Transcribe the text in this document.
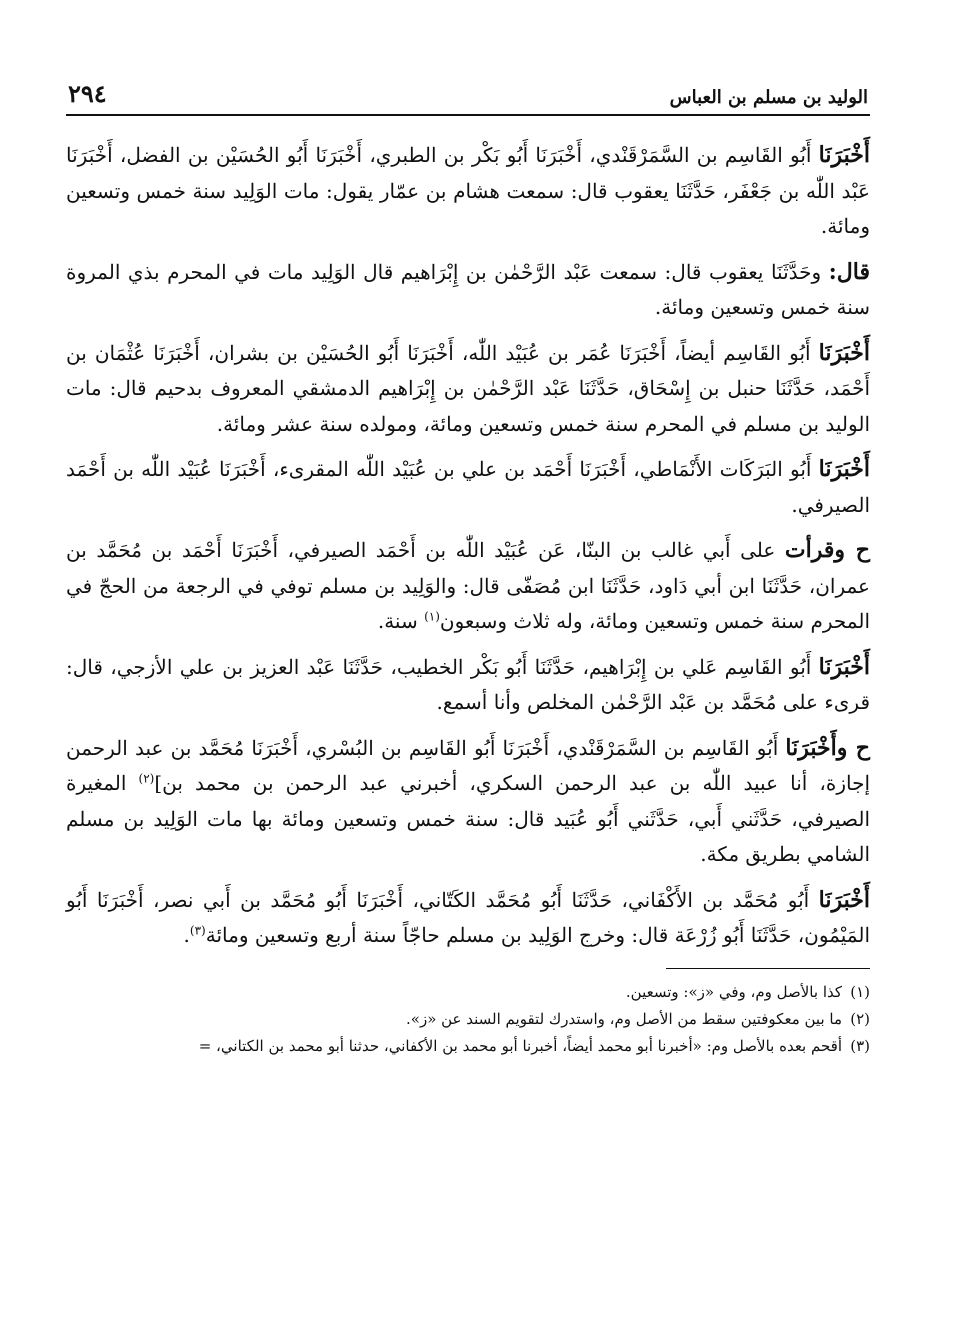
الوليد بن مسلم بن العباس
٢٩٤

أَخْبَرَنَا أَبُو القَاسِم بن السَّمَرْقَنْدي، أَخْبَرَنَا أَبُو بَكْر بن الطبري، أَخْبَرَنَا أَبُو الحُسَيْن بن الفضل، أَخْبَرَنَا عَبْد اللّٰه بن جَعْفَر، حَدَّثَنَا يعقوب قال: سمعت هشام بن عمّار يقول: مات الوَلِيد سنة خمس وتسعين ومائة.

قال: وحَدَّثَنَا يعقوب قال: سمعت عَبْد الرَّحْمٰن بن إِبْرَاهيم قال الوَلِيد مات في المحرم بذي المروة سنة خمس وتسعين ومائة.

أَخْبَرَنَا أَبُو القَاسِم أيضاً، أَخْبَرَنَا عُمَر بن عُبَيْد اللّٰه، أَخْبَرَنَا أَبُو الحُسَيْن بن بشران، أَخْبَرَنَا عُثْمَان بن أَحْمَد، حَدَّثَنَا حنبل بن إِسْحَاق، حَدَّثَنَا عَبْد الرَّحْمٰن بن إِبْرَاهيم الدمشقي المعروف بدحيم قال: مات الوليد بن مسلم في المحرم سنة خمس وتسعين ومائة، ومولده سنة عشر ومائة.

أَخْبَرَنَا أَبُو البَرَكَات الأَنْمَاطي، أَخْبَرَنَا أَحْمَد بن علي بن عُبَيْد اللّٰه المقرىء، أَخْبَرَنَا عُبَيْد اللّٰه بن أَحْمَد الصيرفي.

ح وقرأت على أَبي غالب بن البنّا، عَن عُبَيْد اللّٰه بن أَحْمَد الصيرفي، أَخْبَرَنَا أَحْمَد بن مُحَمَّد بن عمران، حَدَّثَنَا ابن أبي دَاود، حَدَّثَنَا ابن مُصَفّى قال: والوَلِيد بن مسلم توفي في الرجعة من الحجّ في المحرم سنة خمس وتسعين ومائة، وله ثلاث وسبعون$^{(١)}$ سنة.

أَخْبَرَنَا أَبُو القَاسِم عَلي بن إِبْرَاهيم، حَدَّثَنَا أَبُو بَكْر الخطيب، حَدَّثَنَا عَبْد العزيز بن علي الأزجي، قال: قرىء على مُحَمَّد بن عَبْد الرَّحْمٰن المخلص وأنا أسمع.

ح وأَخْبَرَنَا أَبُو القَاسِم بن السَّمَرْقَنْدي، أَخْبَرَنَا أَبُو القَاسِم بن البُسْري، أَخْبَرَنَا مُحَمَّد بن عبد الرحمن إجازة، أنا عبيد اللّٰه بن عبد الرحمن السكري، أخبرني عبد الرحمن بن محمد بن]$^{(٢)}$ المغيرة الصيرفي، حَدَّثَني أَبي، حَدَّثَني أَبُو عُبَيد قال: سنة خمس وتسعين ومائة بها مات الوَلِيد بن مسلم الشامي بطريق مكة.

أَخْبَرَنَا أَبُو مُحَمَّد بن الأَكْفَاني، حَدَّثَنَا أَبُو مُحَمَّد الكَتّاني، أَخْبَرَنَا أَبُو مُحَمَّد بن أَبي نصر، أَخْبَرَنَا أَبُو المَيْمُون، حَدَّثَنَا أَبُو زُرْعَة قال: وخرج الوَلِيد بن مسلم حاجّاً سنة أربع وتسعين ومائة$^{(٣)}$.

(١)
كذا بالأصل وم، وفي «ز»: وتسعين.
(٢)
ما بين معكوفتين سقط من الأصل وم، واستدرك لتقويم السند عن «ز».
(٣)
أقحم بعده بالأصل وم: «أخبرنا أبو محمد أيضاً، أخبرنا أبو محمد بن الأكفاني، حدثنا أبو محمد بن الكتاني، =
